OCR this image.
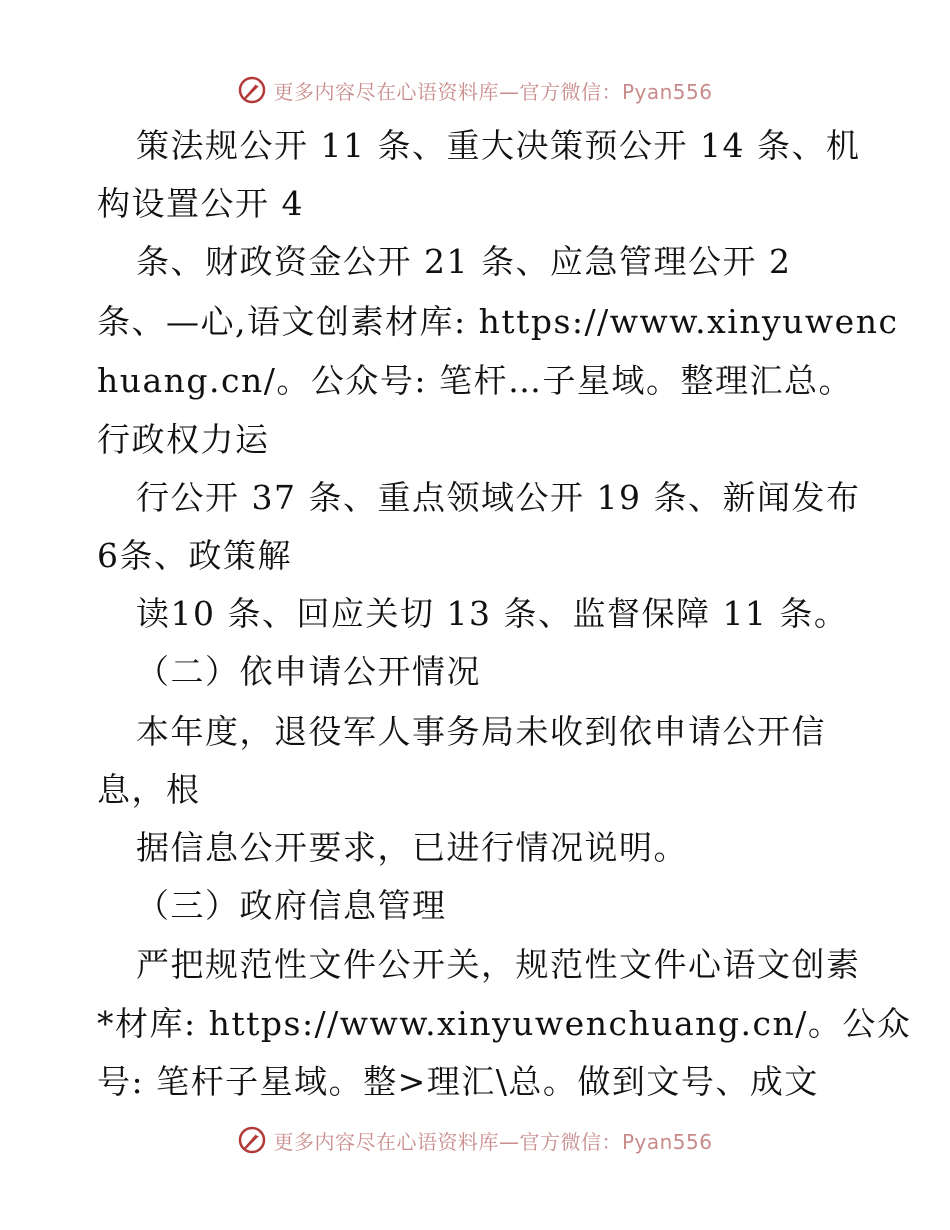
更多内容尽在心语资料库—官方微信：Pyan556
策法规公开 11 条、重大决策预公开 14 条、机
构设置公开 4
条、财政资金公开 21 条、应急管理公开 2
条、—心,语文创素材库: https://www.xinyuwenc
huang.cn/。公众号: 笔杆…子星域。整理汇总。
行政权力运
行公开 37 条、重点领域公开 19 条、新闻发布
6条、政策解
读10 条、回应关切 13 条、监督保障 11 条。
（二）依申请公开情况
本年度，退役军人事务局未收到依申请公开信
息，根
据信息公开要求，已进行情况说明。
（三）政府信息管理
严把规范性文件公开关，规范性文件心语文创素
*材库: https://www.xinyuwenchuang.cn/。公众
号: 笔杆子星域。整>理汇\总。做到文号、成文
更多内容尽在心语资料库—官方微信：Pyan556
